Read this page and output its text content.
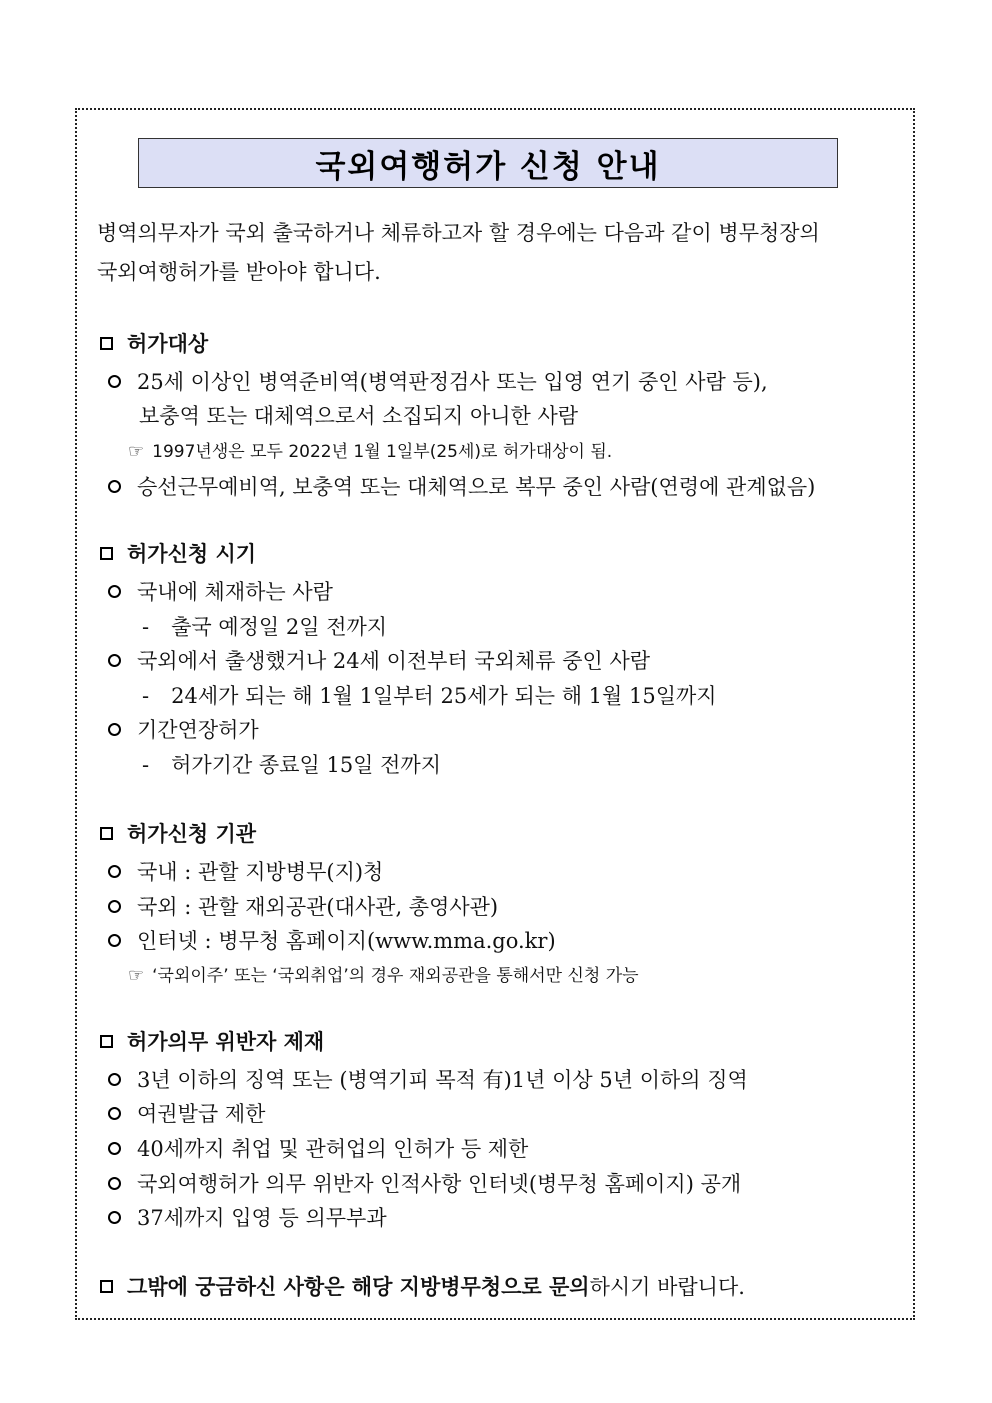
국외여행허가 신청 안내
병역의무자가 국외 출국하거나 체류하고자 할 경우에는 다음과 같이 병무청장의
국외여행허가를 받아야 합니다.
허가대상
25세 이상인 병역준비역(병역판정검사 또는 입영 연기 중인 사람 등),
보충역 또는 대체역으로서 소집되지 아니한 사람
☞ 1997년생은 모두 2022년 1월 1일부(25세)로 허가대상이 됨.
승선근무예비역, 보충역 또는 대체역으로 복무 중인 사람(연령에 관계없음)
허가신청 시기
국내에 체재하는 사람
- 출국 예정일 2일 전까지
국외에서 출생했거나 24세 이전부터 국외체류 중인 사람
- 24세가 되는 해 1월 1일부터 25세가 되는 해 1월 15일까지
기간연장허가
- 허가기간 종료일 15일 전까지
허가신청 기관
국내 : 관할 지방병무(지)청
국외 : 관할 재외공관(대사관, 총영사관)
인터넷 : 병무청 홈페이지(www.mma.go.kr)
☞ ‘국외이주’ 또는 ‘국외취업’의 경우 재외공관을 통해서만 신청 가능
허가의무 위반자 제재
3년 이하의 징역 또는 (병역기피 목적 有)1년 이상 5년 이하의 징역
여권발급 제한
40세까지 취업 및 관허업의 인허가 등 제한
국외여행허가 의무 위반자 인적사항 인터넷(병무청 홈페이지) 공개
37세까지 입영 등 의무부과
그밖에 궁금하신 사항은 해당 지방병무청으로 문의하시기 바랍니다.
